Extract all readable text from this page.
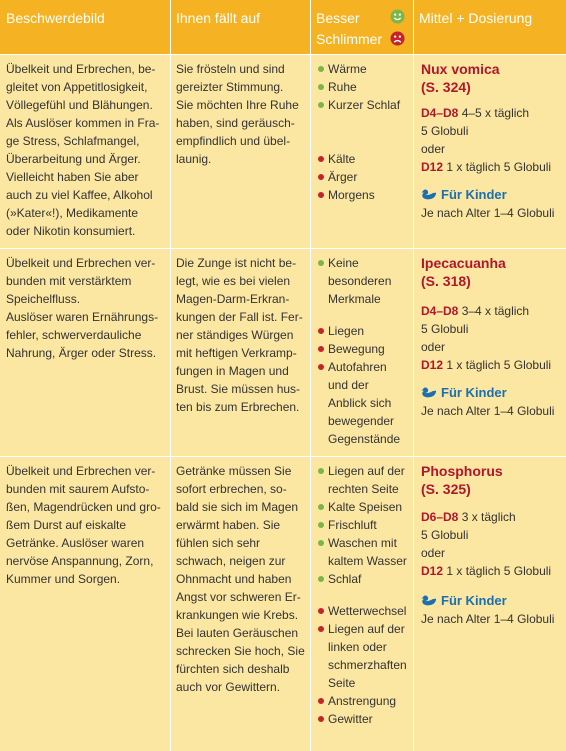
Beschwerdebild	Ihnen fällt auf	Besser
Schlimmer
Mittel + Dosierung
Übelkeit und Erbrechen, be-
gleitet von Appetitlosigkeit,
Völlegefühl und Blähungen.
Als Auslöser kommen in Fra-
ge Stress, Schlafmangel,
Überarbeitung und Ärger.
Vielleicht haben Sie aber
auch zu viel Kaffee, Alkohol
(»Kater«!), Medikamente
oder Nikotin konsumiert.
Sie frösteln und sind
gereizter Stimmung.
Sie möchten Ihre Ruhe
haben, sind geräusch-
empfindlich und übel-
launig.
Wärme
Ruhe
Kurzer Schlaf
Kälte
Ärger
Morgens
Nux vomica
(S. 324)
D4–D8 4–5 x täglich
5 Globuli
oder
D12 1 x täglich 5 Globuli
Für Kinder
Je nach Alter 1–4 Globuli
Übelkeit und Erbrechen ver-
bunden mit verstärktem
Speichelfluss.
Auslöser waren Ernährungs-
fehler, schwerverdauliche
Nahrung, Ärger oder Stress.
Die Zunge ist nicht be-
legt, wie es bei vielen
Magen-Darm-Erkran-
kungen der Fall ist. Fer-
ner ständiges Würgen
mit heftigen Verkramp-
fungen in Magen und
Brust. Sie müssen hus-
ten bis zum Erbrechen.
Keine
besonderen
Merkmale
Liegen
Bewegung
Autofahren
und der
Anblick sich
bewegender
Gegenstände
Ipecacuanha
(S. 318)
D4–D8 3–4 x täglich
5 Globuli
oder
D12 1 x täglich 5 Globuli
Für Kinder
Je nach Alter 1–4 Globuli
Übelkeit und Erbrechen ver-
bunden mit saurem Aufsto-
ßen, Magendrücken und gro-
ßem Durst auf eiskalte
Getränke. Auslöser waren
nervöse Anspannung, Zorn,
Kummer und Sorgen.
Getränke müssen Sie
sofort erbrechen, so-
bald sie sich im Magen
erwärmt haben. Sie
fühlen sich sehr
schwach, neigen zur
Ohnmacht und haben
Angst vor schweren Er-
krankungen wie Krebs.
Bei lauten Geräuschen
schrecken Sie hoch, Sie
fürchten sich deshalb
auch vor Gewittern.
Liegen auf der
rechten Seite
Kalte Speisen
Frischluft
Waschen mit
kaltem Wasser
Schlaf
Wetterwechsel
Liegen auf der
linken oder
schmerzhaften
Seite
Anstrengung
Gewitter
Phosphorus
(S. 325)
D6–D8 3 x täglich
5 Globuli
oder
D12 1 x täglich 5 Globuli
Für Kinder
Je nach Alter 1–4 Globuli
